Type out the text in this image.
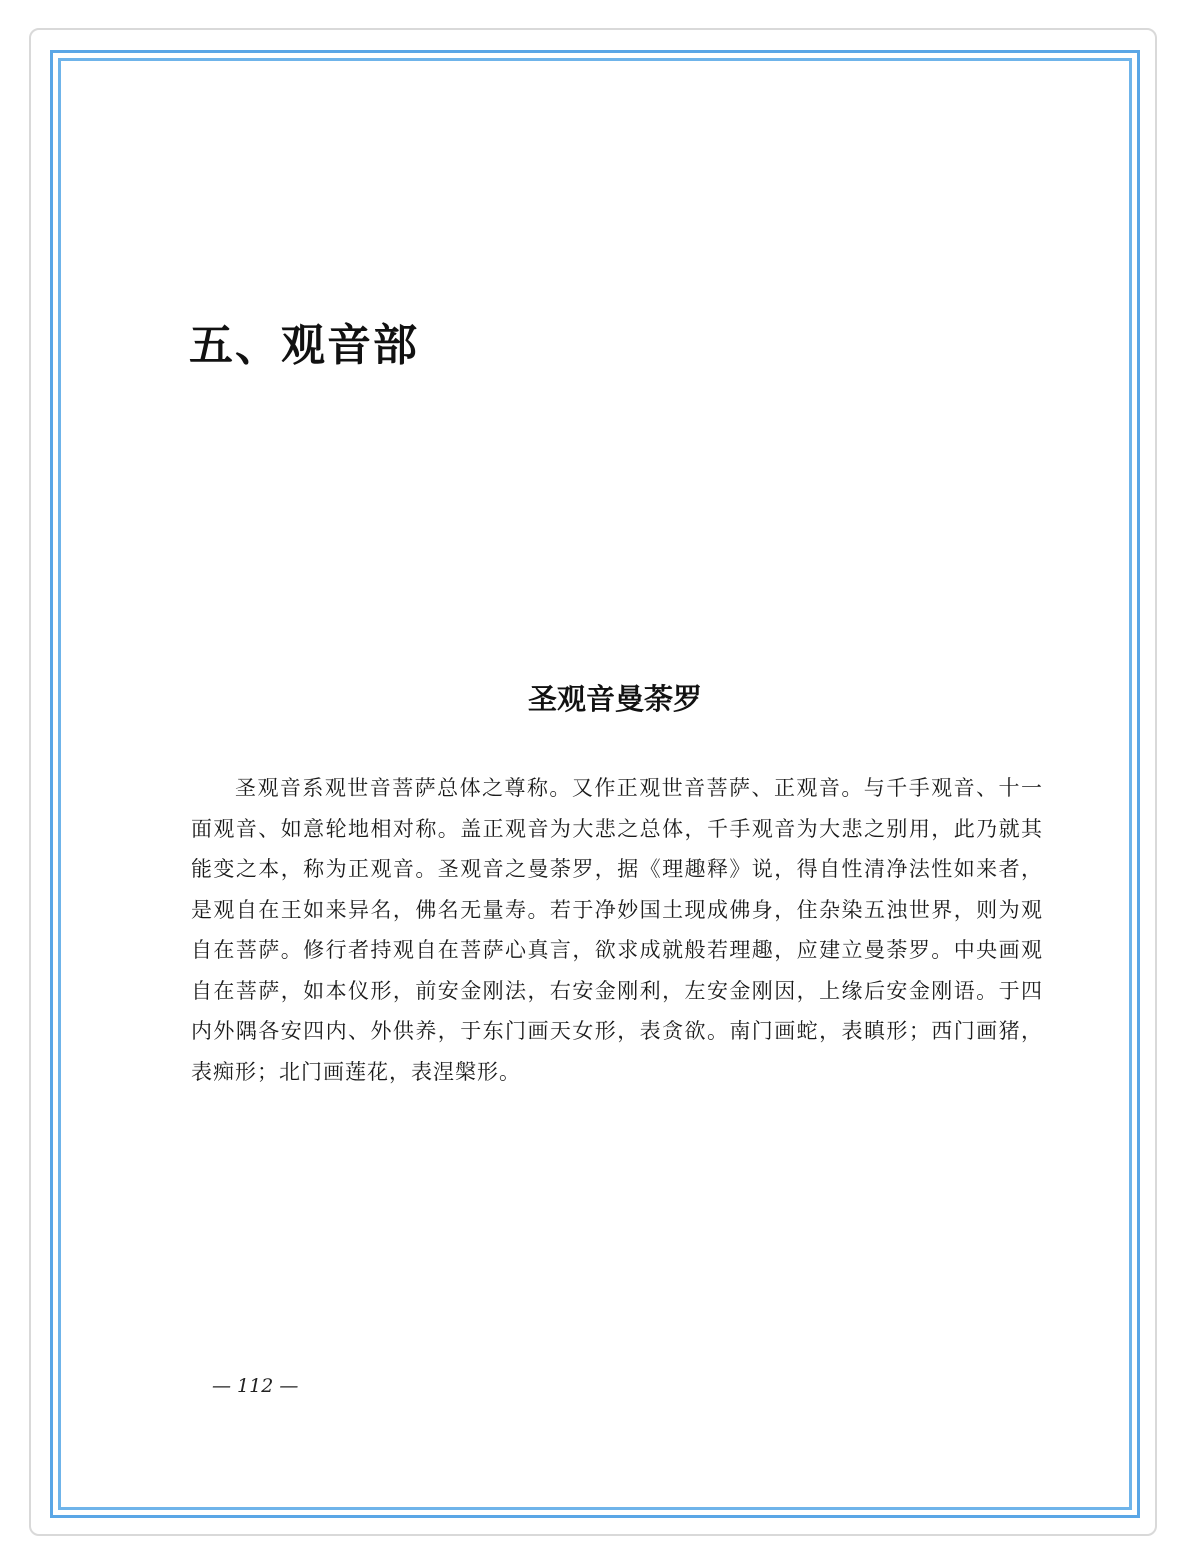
五、观音部
圣观音曼荼罗

圣观音系观世音菩萨总体之尊称。又作正观世音菩萨、正观音。与千手观音、十一面观音、如意轮地相对称。盖正观音为大悲之总体，千手观音为大悲之别用，此乃就其能变之本，称为正观音。圣观音之曼荼罗，据《理趣释》说，得自性清净法性如来者，是观自在王如来异名，佛名无量寿。若于净妙国土现成佛身，住杂染五浊世界，则为观自在菩萨。修行者持观自在菩萨心真言，欲求成就般若理趣，应建立曼荼罗。中央画观自在菩萨，如本仪形，前安金刚法，右安金刚利，左安金刚因，上缘后安金刚语。于四内外隅各安四内、外供养，于东门画天女形，表贪欲。南门画蛇，表瞋形；西门画猪，表痴形；北门画莲花，表涅槃形。

— 112 —
